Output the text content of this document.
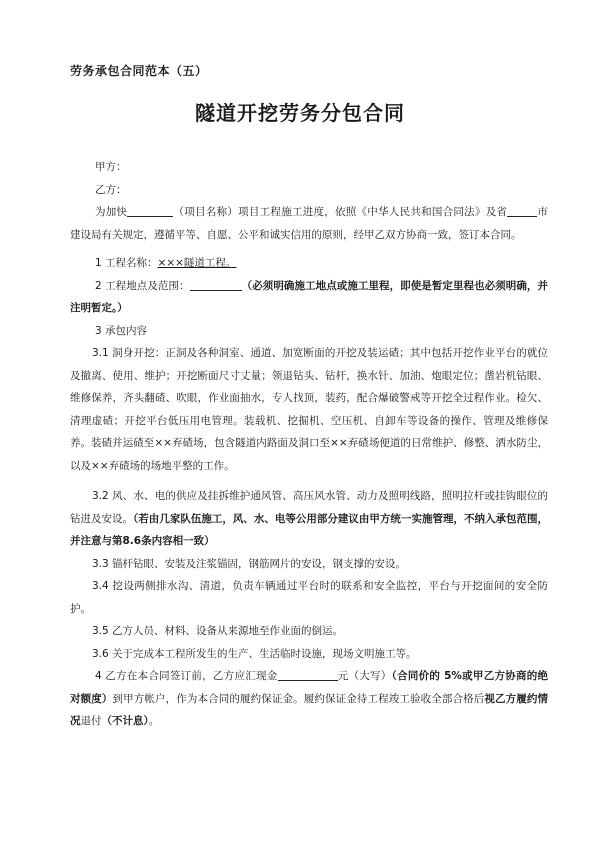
劳务承包合同范本（五）
隧道开挖劳务分包合同

甲方：

乙方：

为加快	（项目名称）项目工程施工进度，依照《中华人民共和国合同法》及省	市建设局有关规定，遵循平等、自愿、公平和诚实信用的原则，经甲乙双方协商一致，签订本合同。

1 工程名称：×××隧道工程。

2 工程地点及范围：	（必须明确施工地点或施工里程，即使是暂定里程也必须明确，并注明暂定。）

3 承包内容

3.1 洞身开挖：正洞及各种洞室、通道、加宽断面的开挖及装运碴；其中包括开挖作业平台的就位及撤离、使用、维护；开挖断面尺寸丈量；领退钻头、钻杆，换水针、加油、炮眼定位；凿岩机钻眼、维修保养，齐头翻碴、吹眼，作业面抽水，专人找顶，装药，配合爆破警戒等开挖全过程作业。检欠、清理虚碴；开挖平台低压用电管理。装载机、挖掘机、空压机、自卸车等设备的操作、管理及维修保养。装碴并运碴至××弃碴场，包含隧道内路面及洞口至××弃碴场便道的日常维护、修整、洒水防尘，以及××弃碴场的场地平整的工作。

3.2 风、水、电的供应及挂拆维护通风管、高压风水管、动力及照明线路，照明拉杆或挂钩眼位的钻进及安设。（若由几家队伍施工，风、水、电等公用部分建议由甲方统一实施管理，不纳入承包范围，并注意与第8.6条内容相一致）

3.3 锚杆钻眼、安装及注浆锚固，钢筋网片的安设，钢支撑的安设。

3.4 挖设两侧排水沟、清道，负责车辆通过平台时的联系和安全监控，平台与开挖面间的安全防护。

3.5 乙方人员、材料、设备从来源地至作业面的倒运。

3.6 关于完成本工程所发生的生产、生活临时设施，现场文明施工等。

4 乙方在本合同签订前，乙方应汇现金	元（大写）（合同价的 5%或甲乙方协商的绝对额度）到甲方帐户，作为本合同的履约保证金。履约保证金待工程竣工验收全部合格后视乙方履约情况退付（不计息）。
